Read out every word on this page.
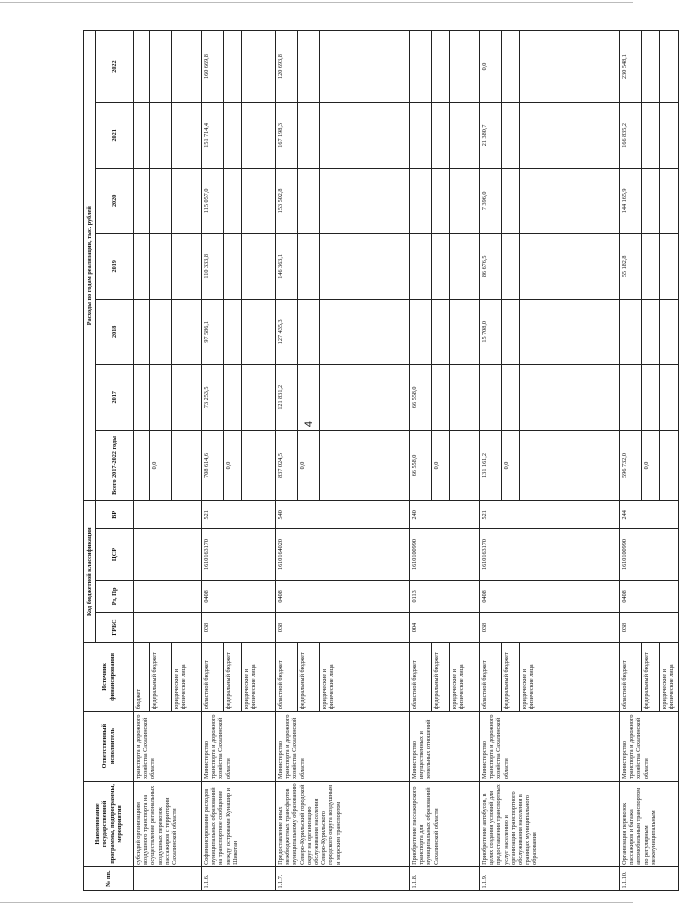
4
№ пп.	Наименование государственной программы, подпрограммы, мероприятия	Ответственный исполнитель	Источник финансирования	Код бюджетной классификации				Расходы по годам реализации, тыс. рублей						
				ГРБС	Рз, Пр	ЦСР	ВР	Всего 2017-2022 годы	2017	2018	2019	2020	2021	2022
	субсидий организациям воздушного транспорта на осуществление региональных воздушных перевозок пассажиров с территории Сахалинской области	транспорта и дорожного хозяйства Сахалинской области	бюджет											
			федеральный бюджет					0,0						
			юридические и физические лица											
1.1.6.	Софинансирование расходов муниципальных образований на транспортное сообщение между островами Кунашир и Шикотан	Министерство транспорта и дорожного хозяйства Сахалинской области	областной бюджет	038	0408	1610163170	521	708 614,6	73 253,5	97 586,1	110 333,8	115 057,0	151 714,4	160 669,8
			федеральный бюджет					0,0						
			юридические и физические лица											
1.1.7.	Предоставление иных межбюджетных трансфертов муниципальному образованию Северо-Курильский городской округ на организацию обслуживания населения Северо-Курильского городского округа воздушным и морским транспортом	Министерство транспорта и дорожного хозяйства Сахалинской области	областной бюджет	038	0408	1610164020	540	837 024,5	121 831,2	127 435,3	146 363,1	153 502,8	167 198,3	120 693,8
			федеральный бюджет					0,0						
			юридические и физические лица											
1.1.8.	Приобретение пассажирского транспорта для муниципальных образований Сахалинской области	Министерство имущественных и земельных отношений	областной бюджет	004	0113	1610100990	240	66 558,0	66 558,0					
			федеральный бюджет					0,0						
			юридические и физические лица											
1.1.9.	Приобретение автобусов, в целях создания условий для предоставления транспортных услуг населению и организации транспортного обслуживания населения в границах муниципального образования	Министерство транспорта и дорожного хозяйства Сахалинской области	областной бюджет	038	0408	1610163170	521	131 161,2		15 708,0	86 676,5	7 396,0	21 380,7	0,0
			федеральный бюджет					0,0						
			юридические и физические лица											
1.1.10.	Организация перевозок пассажиров и багажа автомобильным транспортом по регулярным межмуниципальным	Министерство транспорта и дорожного хозяйства Сахалинской области	областной бюджет	038	0408	1610100990	244	596 732,0			55 182,8	144 165,9	166 835,2	230 548,1
			федеральный бюджет					0,0						
			юридические и физические лица											
